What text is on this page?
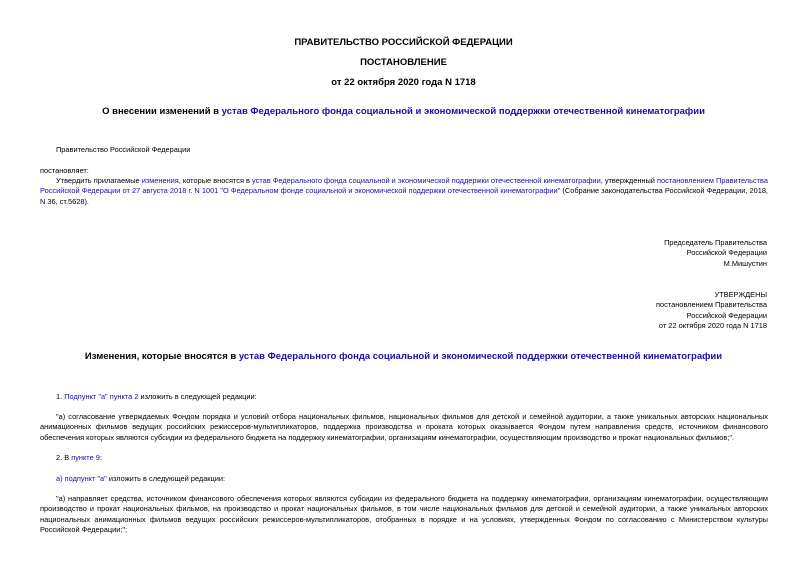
ПРАВИТЕЛЬСТВО РОССИЙСКОЙ ФЕДЕРАЦИИ
ПОСТАНОВЛЕНИЕ
от 22 октября 2020 года N 1718
О внесении изменений в устав Федерального фонда социальной и экономической поддержки отечественной кинематографии
Правительство Российской Федерации
постановляет:
Утвердить прилагаемые изменения, которые вносятся в устав Федерального фонда социальной и экономической поддержки отечественной кинематографии, утвержденный постановлением Правительства Российской Федерации от 27 августа 2018 г. N 1001 "О Федеральном фонде социальной и экономической поддержки отечественной кинематографии" (Собрание законодательства Российской Федерации, 2018, N 36, ст.5628).
Председатель Правительства
Российской Федерации
М.Мишустин
УТВЕРЖДЕНЫ
постановлением Правительства
Российской Федерации
от 22 октября 2020 года N 1718
Изменения, которые вносятся в устав Федерального фонда социальной и экономической поддержки отечественной кинематографии
1. Подпункт "а" пункта 2 изложить в следующей редакции:
"а) согласование утверждаемых Фондом порядка и условий отбора национальных фильмов, национальных фильмов для детской и семейной аудитории, а также уникальных авторских национальных анимационных фильмов ведущих российских режиссеров-мультипликаторов, поддержка производства и проката которых оказывается Фондом путем направления средств, источником финансового обеспечения которых являются субсидии из федерального бюджета на поддержку кинематографии, организациям кинематографии, осуществляющим производство и прокат национальных фильмов;".
2. В пункте 9:
а) подпункт "а" изложить в следующей редакции:
"а) направляет средства, источником финансового обеспечения которых являются субсидии из федерального бюджета на поддержку кинематографии, организациям кинематографии, осуществляющим производство и прокат национальных фильмов, на производство и прокат национальных фильмов, в том числе национальных фильмов для детской и семейной аудитории, а также уникальных авторских национальных анимационных фильмов ведущих российских режиссеров-мультипликаторов, отобранных в порядке и на условиях, утвержденных Фондом по согласованию с Министерством культуры Российской Федерации;";
